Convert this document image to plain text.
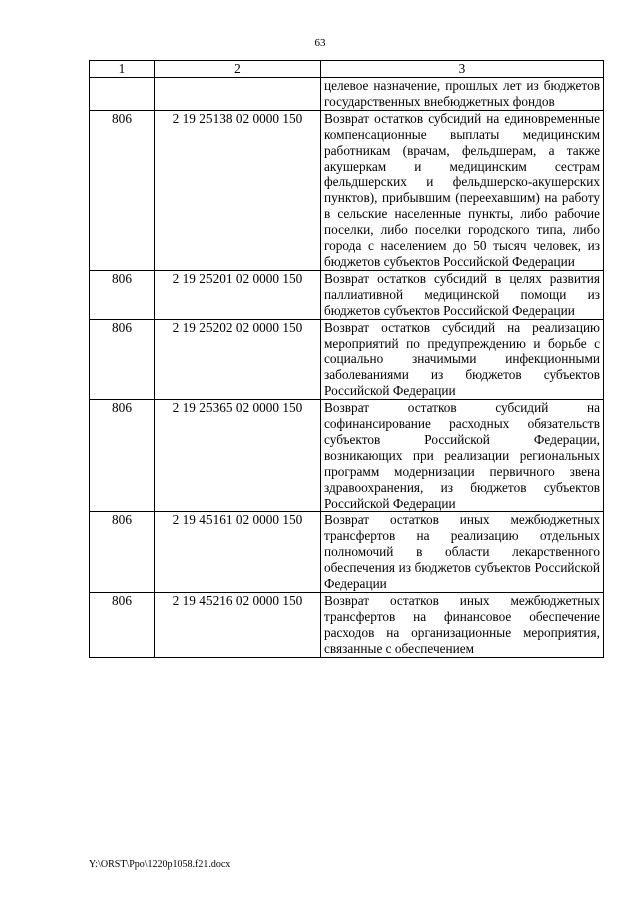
63
1	2	3
		целевое назначение, прошлых лет из бюджетов государственных внебюджетных фондов
806	2 19 25138 02 0000 150	Возврат остатков субсидий на единовременные компенсационные выплаты медицинским работникам (врачам, фельдшерам, а также акушеркам и медицинским сестрам фельдшерских и фельдшерско-акушерских пунктов), прибывшим (переехавшим) на работу в сельские населенные пункты, либо рабочие поселки, либо поселки городского типа, либо города с населением до 50 тысяч человек, из бюджетов субъектов Российской Федерации
806	2 19 25201 02 0000 150	Возврат остатков субсидий в целях развития паллиативной медицинской помощи из бюджетов субъектов Российской Федерации
806	2 19 25202 02 0000 150	Возврат остатков субсидий на реализацию мероприятий по предупреждению и борьбе с социально значимыми инфекционными заболеваниями из бюджетов субъектов Российской Федерации
806	2 19 25365 02 0000 150	Возврат остатков субсидий на софинансирование расходных обязательств субъектов Российской Федерации, возникающих при реализации региональных программ модернизации первичного звена здравоохранения, из бюджетов субъектов Российской Федерации
806	2 19 45161 02 0000 150	Возврат остатков иных межбюджетных трансфертов на реализацию отдельных полномочий в области лекарственного обеспечения из бюджетов субъектов Российской Федерации
806	2 19 45216 02 0000 150	Возврат остатков иных межбюджетных трансфертов на финансовое обеспечение расходов на организационные мероприятия, связанные с обеспечением
Y:\ORST\Ppo\1220p1058.f21.docx
